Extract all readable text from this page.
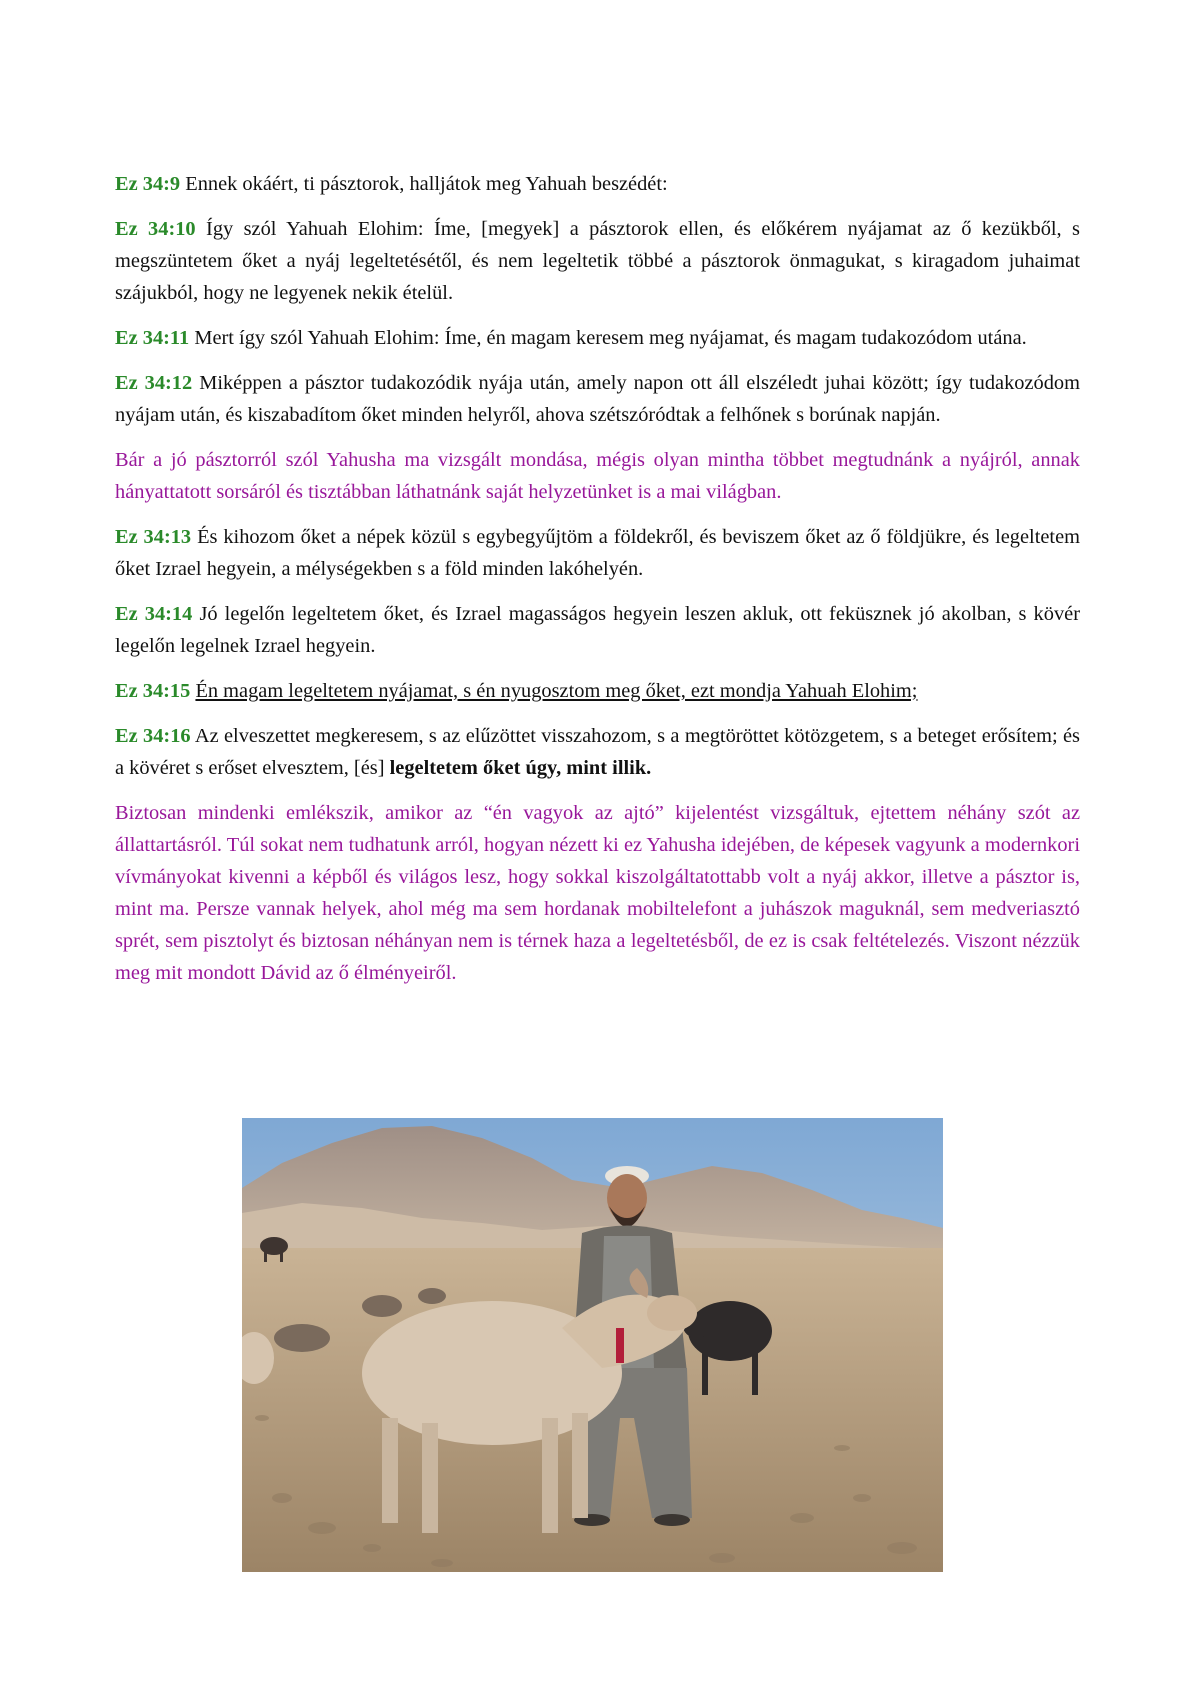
Ez 34:9 Ennek okáért, ti pásztorok, halljátok meg Yahuah beszédét:

Ez 34:10 Így szól Yahuah Elohim: Íme, [megyek] a pásztorok ellen, és előkérem nyájamat az ő kezükből, s megszüntetem őket a nyáj legeltetésétől, és nem legeltetik többé a pásztorok önmagukat, s kiragadom juhaimat szájukból, hogy ne legyenek nekik ételül.

Ez 34:11 Mert így szól Yahuah Elohim: Íme, én magam keresem meg nyájamat, és magam tudakozódom utána.

Ez 34:12 Miképpen a pásztor tudakozódik nyája után, amely napon ott áll elszéledt juhai között; így tudakozódom nyájam után, és kiszabadítom őket minden helyről, ahova szétszóródtak a felhőnek s borúnak napján.

Bár a jó pásztorról szól Yahusha ma vizsgált mondása, mégis olyan mintha többet megtudnánk a nyájról, annak hányattatott sorsáról és tisztábban láthatnánk saját helyzetünket is a mai világban.

Ez 34:13 És kihozom őket a népek közül s egybegyűjtöm a földekről, és beviszem őket az ő földjükre, és legeltetem őket Izrael hegyein, a mélységekben s a föld minden lakóhelyén.

Ez 34:14 Jó legelőn legeltetem őket, és Izrael magasságos hegyein leszen akluk, ott feküsznek jó akolban, s kövér legelőn legelnek Izrael hegyein.

Ez 34:15 Én magam legeltetem nyájamat, s én nyugosztom meg őket, ezt mondja Yahuah Elohim;

Ez 34:16 Az elveszettet megkeresem, s az elűzöttet visszahozom, s a megtöröttet kötözgetem, s a beteget erősítem; és a kövéret s erőset elvesztem, [és] legeltetem őket úgy, mint illik.

Biztosan mindenki emlékszik, amikor az “én vagyok az ajtó” kijelentést vizsgáltuk, ejtettem néhány szót az állattartásról. Túl sokat nem tudhatunk arról, hogyan nézett ki ez Yahusha idejében, de képesek vagyunk a modernkori vívmányokat kivenni a képből és világos lesz, hogy sokkal kiszolgáltatottabb volt a nyáj akkor, illetve a pásztor is, mint ma. Persze vannak helyek, ahol még ma sem hordanak mobiltelefont a juhászok maguknál, sem medveriasztó sprét, sem pisztolyt és biztosan néhányan nem is térnek haza a legeltetésből, de ez is csak feltételezés. Viszont nézzük meg mit mondott Dávid az ő élményeiről.
